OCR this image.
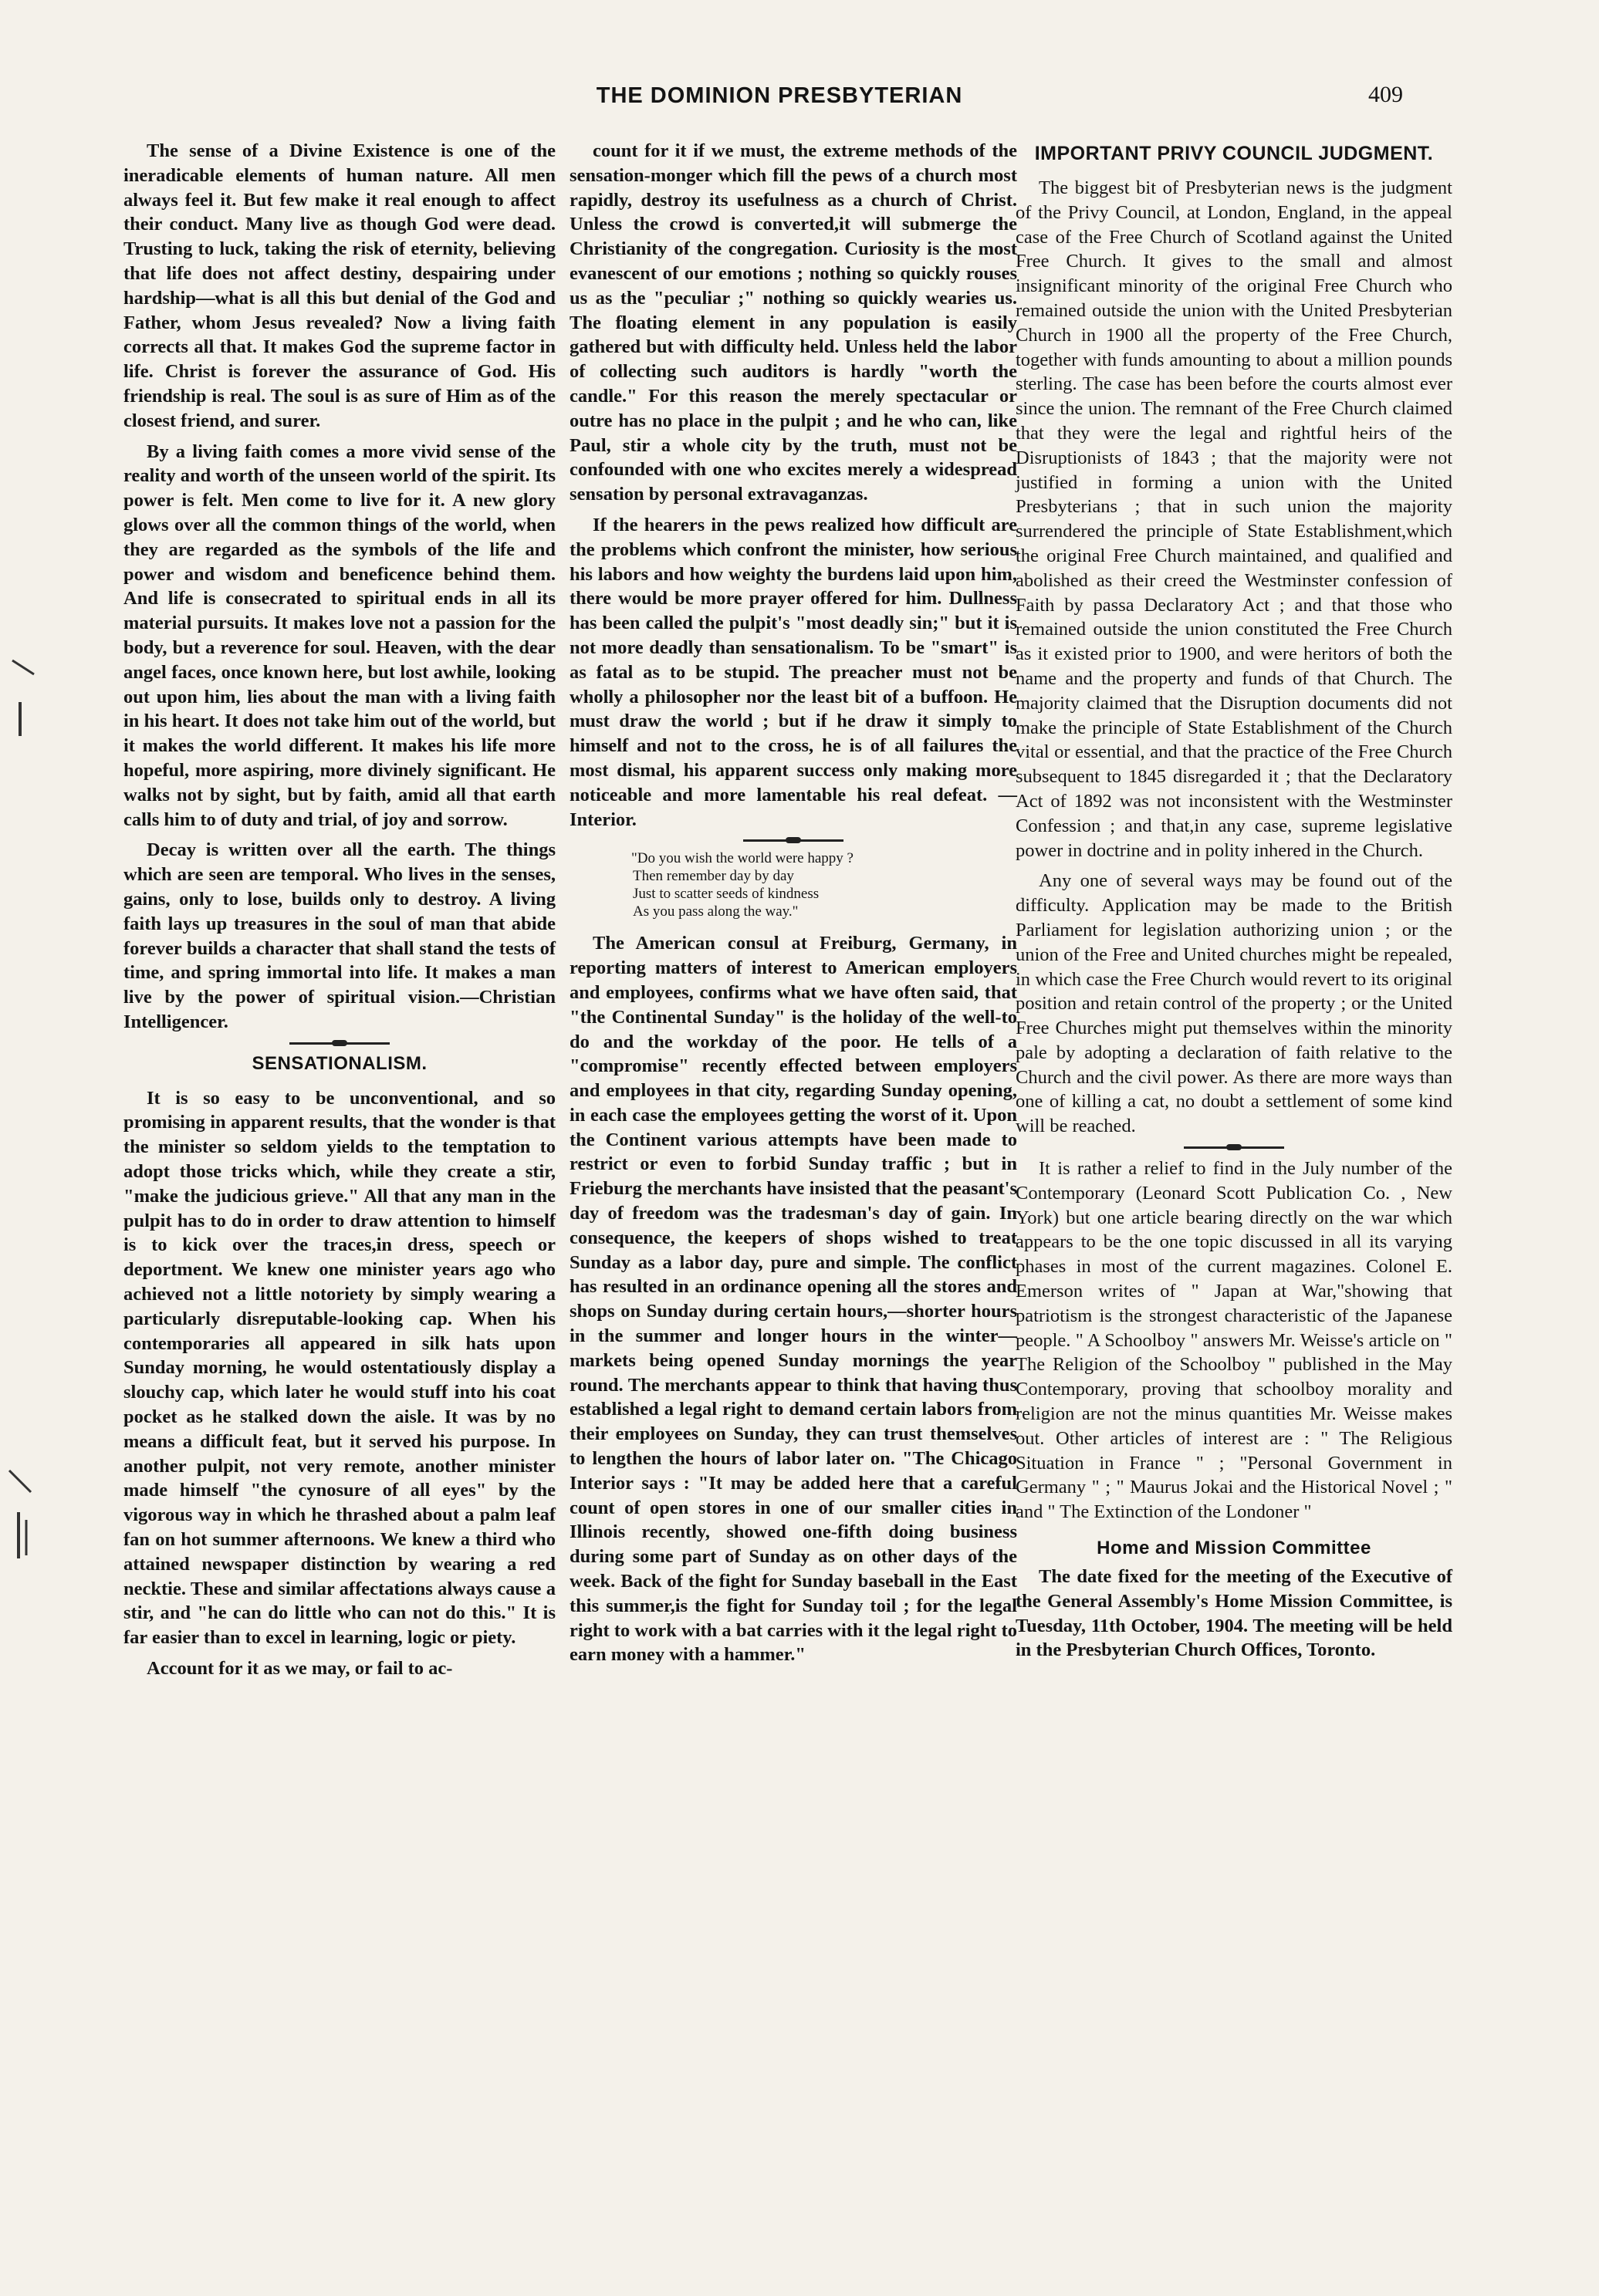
THE DOMINION PRESBYTERIAN	409

The sense of a Divine Existence is one of the ineradicable elements of human nature. All men always feel it. But few make it real enough to affect their conduct. Many live as though God were dead. Trusting to luck, taking the risk of eternity, believing that life does not affect destiny, despairing under hardship—what is all this but denial of the God and Father, whom Jesus revealed? Now a living faith corrects all that. It makes God the supreme factor in life. Christ is forever the assurance of God. His friendship is real. The soul is as sure of Him as of the closest friend, and surer.

By a living faith comes a more vivid sense of the reality and worth of the unseen world of the spirit. Its power is felt. Men come to live for it. A new glory glows over all the common things of the world, when they are regarded as the symbols of the life and power and wisdom and beneficence behind them. And life is consecrated to spiritual ends in all its material pursuits. It makes love not a passion for the body, but a reverence for soul. Heaven, with the dear angel faces, once known here, but lost awhile, looking out upon him, lies about the man with a living faith in his heart. It does not take him out of the world, but it makes the world different. It makes his life more hopeful, more aspiring, more divinely significant. He walks not by sight, but by faith, amid all that earth calls him to of duty and trial, of joy and sorrow.

Decay is written over all the earth. The things which are seen are temporal. Who lives in the senses, gains, only to lose, builds only to destroy. A living faith lays up treasures in the soul of man that abide forever builds a character that shall stand the tests of time, and spring immortal into life. It makes a man live by the power of spiritual vision.—Christian Intelligencer.

SENSATIONALISM.

It is so easy to be unconventional, and so promising in apparent results, that the wonder is that the minister so seldom yields to the temptation to adopt those tricks which, while they create a stir, "make the judicious grieve." All that any man in the pulpit has to do in order to draw attention to himself is to kick over the traces,in dress, speech or deportment. We knew one minister years ago who achieved not a little notoriety by simply wearing a particularly disreputable-looking cap. When his contemporaries all appeared in silk hats upon Sunday morning, he would ostentatiously display a slouchy cap, which later he would stuff into his coat pocket as he stalked down the aisle. It was by no means a difficult feat, but it served his purpose. In another pulpit, not very remote, another minister made himself "the cynosure of all eyes" by the vigorous way in which he thrashed about a palm leaf fan on hot summer afternoons. We knew a third who attained newspaper distinction by wearing a red necktie. These and similar affectations always cause a stir, and "he can do little who can not do this." It is far easier than to excel in learning, logic or piety.

Account for it as we may, or fail to ac-

count for it if we must, the extreme methods of the sensation-monger which fill the pews of a church most rapidly, destroy its usefulness as a church of Christ. Unless the crowd is converted,it will submerge the Christianity of the congregation. Curiosity is the most evanescent of our emotions ; nothing so quickly rouses us as the "peculiar ;" nothing so quickly wearies us. The floating element in any population is easily gathered but with difficulty held. Unless held the labor of collecting such auditors is hardly "worth the candle." For this reason the merely spectacular or outre has no place in the pulpit ; and he who can, like Paul, stir a whole city by the truth, must not be confounded with one who excites merely a widespread sensation by personal extravaganzas.

If the hearers in the pews realized how difficult are the problems which confront the minister, how serious his labors and how weighty the burdens laid upon him, there would be more prayer offered for him. Dullness has been called the pulpit's "most deadly sin;" but it is not more deadly than sensationalism. To be "smart" is as fatal as to be stupid. The preacher must not be wholly a philosopher nor the least bit of a buffoon. He must draw the world ; but if he draw it simply to himself and not to the cross, he is of all failures the most dismal, his apparent success only making more noticeable and more lamentable his real defeat. —Interior.

"Do you wish the world were happy ?
Then remember day by day
Just to scatter seeds of kindness
As you pass along the way."

The American consul at Freiburg, Germany, in reporting matters of interest to American employers and employees, confirms what we have often said, that "the Continental Sunday" is the holiday of the well-to do and the workday of the poor. He tells of a "compromise" recently effected between employers and employees in that city, regarding Sunday opening, in each case the employees getting the worst of it. Upon the Continent various attempts have been made to restrict or even to forbid Sunday traffic ; but in Frieburg the merchants have insisted that the peasant's day of freedom was the tradesman's day of gain. In consequence, the keepers of shops wished to treat Sunday as a labor day, pure and simple. The conflict has resulted in an ordinance opening all the stores and shops on Sunday during certain hours,—shorter hours in the summer and longer hours in the winter—markets being opened Sunday mornings the year round. The merchants appear to think that having thus established a legal right to demand certain labors from their employees on Sunday, they can trust themselves to lengthen the hours of labor later on. "The Chicago Interior says : "It may be added here that a careful count of open stores in one of our smaller cities in Illinois recently, showed one-fifth doing business during some part of Sunday as on other days of the week. Back of the fight for Sunday baseball in the East this summer,is the fight for Sunday toil ; for the legal right to work with a bat carries with it the legal right to earn money with a hammer."

IMPORTANT PRIVY COUNCIL JUDGMENT.

The biggest bit of Presbyterian news is the judgment of the Privy Council, at London, England, in the appeal case of the Free Church of Scotland against the United Free Church. It gives to the small and almost insignificant minority of the original Free Church who remained outside the union with the United Presbyterian Church in 1900 all the property of the Free Church, together with funds amounting to about a million pounds sterling. The case has been before the courts almost ever since the union. The remnant of the Free Church claimed that they were the legal and rightful heirs of the Disruptionists of 1843 ; that the majority were not justified in forming a union with the United Presbyterians ; that in such union the majority surrendered the principle of State Establishment,which the original Free Church maintained, and qualified and abolished as their creed the Westminster confession of Faith by passa Declaratory Act ; and that those who remained outside the union constituted the Free Church as it existed prior to 1900, and were heritors of both the name and the property and funds of that Church. The majority claimed that the Disruption documents did not make the principle of State Establishment of the Church vital or essential, and that the practice of the Free Church subsequent to 1845 disregarded it ; that the Declaratory Act of 1892 was not inconsistent with the Westminster Confession ; and that,in any case, supreme legislative power in doctrine and in polity inhered in the Church.

Any one of several ways may be found out of the difficulty. Application may be made to the British Parliament for legislation authorizing union ; or the union of the Free and United churches might be repealed, in which case the Free Church would revert to its original position and retain control of the property ; or the United Free Churches might put themselves within the minority pale by adopting a declaration of faith relative to the Church and the civil power. As there are more ways than one of killing a cat, no doubt a settlement of some kind will be reached.

It is rather a relief to find in the July number of the Contemporary (Leonard Scott Publication Co. , New York) but one article bearing directly on the war which appears to be the one topic discussed in all its varying phases in most of the current magazines. Colonel E. Emerson writes of " Japan at War,"showing that patriotism is the strongest characteristic of the Japanese people. " A Schoolboy " answers Mr. Weisse's article on " The Religion of the Schoolboy " published in the May Contemporary, proving that schoolboy morality and religion are not the minus quantities Mr. Weisse makes out. Other articles of interest are : " The Religious Situation in France " ; "Personal Government in Germany " ; " Maurus Jokai and the Historical Novel ; " and " The Extinction of the Londoner "

Home and Mission Committee

The date fixed for the meeting of the Executive of the General Assembly's Home Mission Committee, is Tuesday, 11th October, 1904. The meeting will be held in the Presbyterian Church Offices, Toronto.
